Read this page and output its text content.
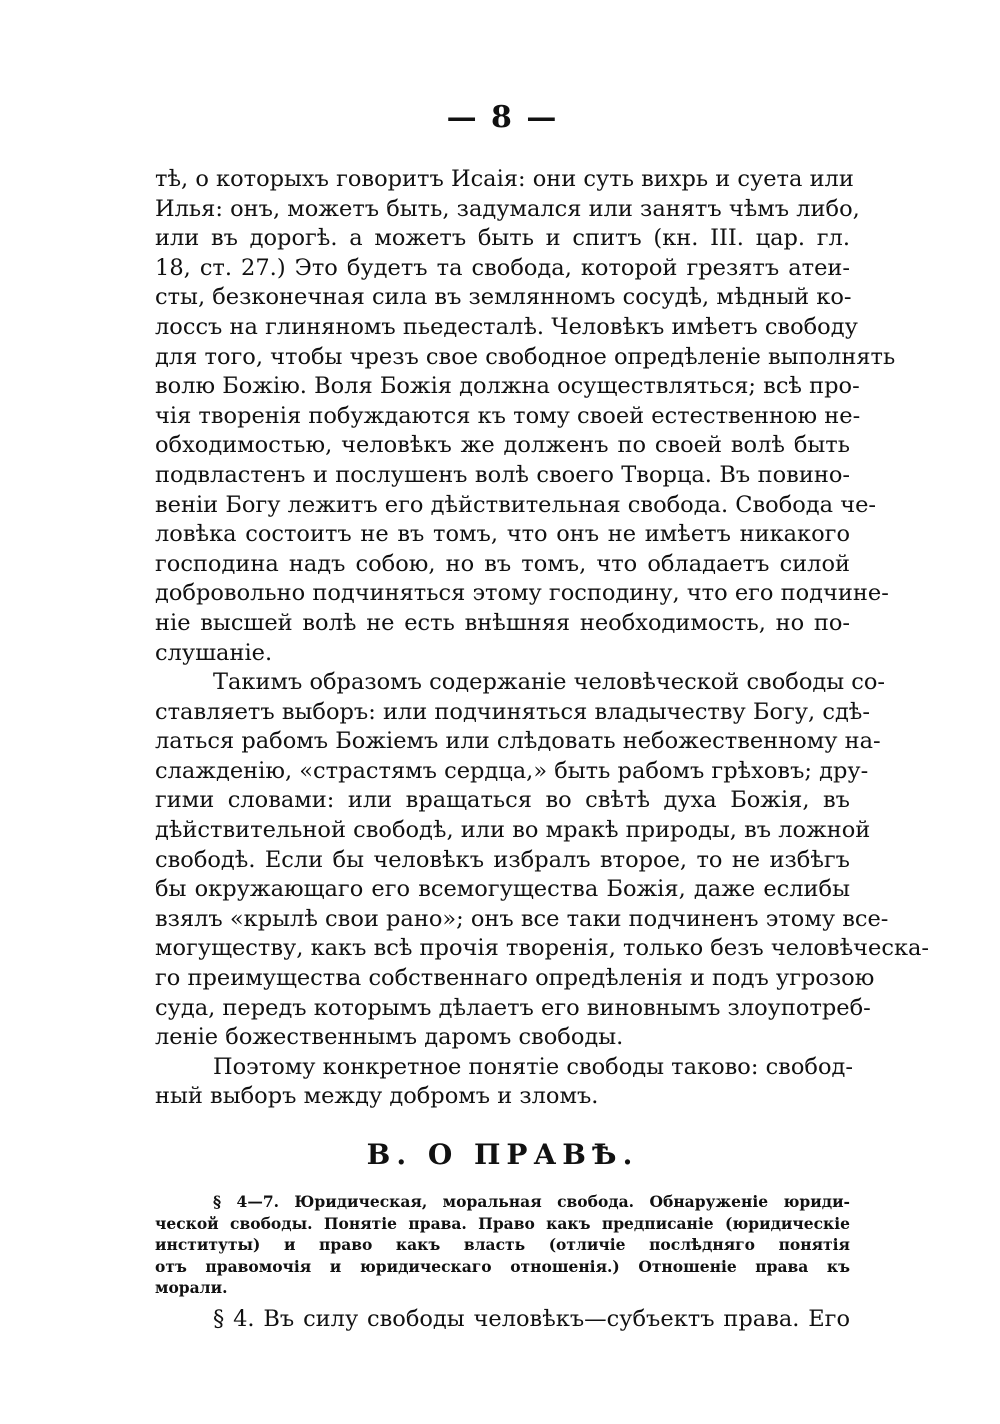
— 8 —
тѣ, о которыхъ говоритъ Исаія: они суть вихрь и суета или
Илья: онъ, можетъ быть, задумался или занятъ чѣмъ либо,
или въ дорогѣ. а можетъ быть и спитъ (кн. III. цар. гл.
18, ст. 27.) Это будетъ та свобода, которой грезятъ атеи-
сты, безконечная сила въ землянномъ сосудѣ, мѣдный ко-
лоссъ на глиняномъ пьедесталѣ. Человѣкъ имѣетъ свободу
для того, чтобы чрезъ свое свободное опредѣленіе выполнять
волю Божію. Воля Божія должна осуществляться; всѣ про-
чія творенія побуждаются къ тому своей естественною не-
обходимостью, человѣкъ же долженъ по своей волѣ быть
подвластенъ и послушенъ волѣ своего Творца. Въ повино-
веніи Богу лежитъ его дѣйствительная свобода. Свобода че-
ловѣка состоитъ не въ томъ, что онъ не имѣетъ никакого
господина надъ собою, но въ томъ, что обладаетъ силой
добровольно подчиняться этому господину, что его подчине-
ніе высшей волѣ не есть внѣшняя необходимость, но по-
слушаніе.
Такимъ образомъ содержаніе человѣческой свободы со-
ставляетъ выборъ: или подчиняться владычеству Богу, сдѣ-
латься рабомъ Божіемъ или слѣдовать небожественному на-
слажденію, «страстямъ сердца,» быть рабомъ грѣховъ; дру-
гими словами: или вращаться во свѣтѣ духа Божія, въ
дѣйствительной свободѣ, или во мракѣ природы, въ ложной
свободѣ. Если бы человѣкъ избралъ второе, то не избѣгъ
бы окружающаго его всемогущества Божія, даже еслибы
взялъ «крылѣ свои рано»; онъ все таки подчиненъ этому все-
могуществу, какъ всѣ прочія творенія, только безъ человѣческа-
го преимущества собственнаго опредѣленія и подъ угрозою
суда, передъ которымъ дѣлаетъ его виновнымъ злоупотреб-
леніе божественнымъ даромъ свободы.
Поэтому конкретное понятіе свободы таково: свобод-
ный выборъ между добромъ и зломъ.
В. О ПРАВѢ.
§ 4—7. Юридическая, моральная свобода. Обнаруженіе юриди-
ческой свободы. Понятіе права. Право какъ предписаніе (юридическіе
институты) и право какъ власть (отличіе послѣдняго понятія
отъ правомочія и юридическаго отношенія.) Отношеніе права къ
морали.
§ 4. Въ силу свободы человѣкъ—субъектъ права. Его
